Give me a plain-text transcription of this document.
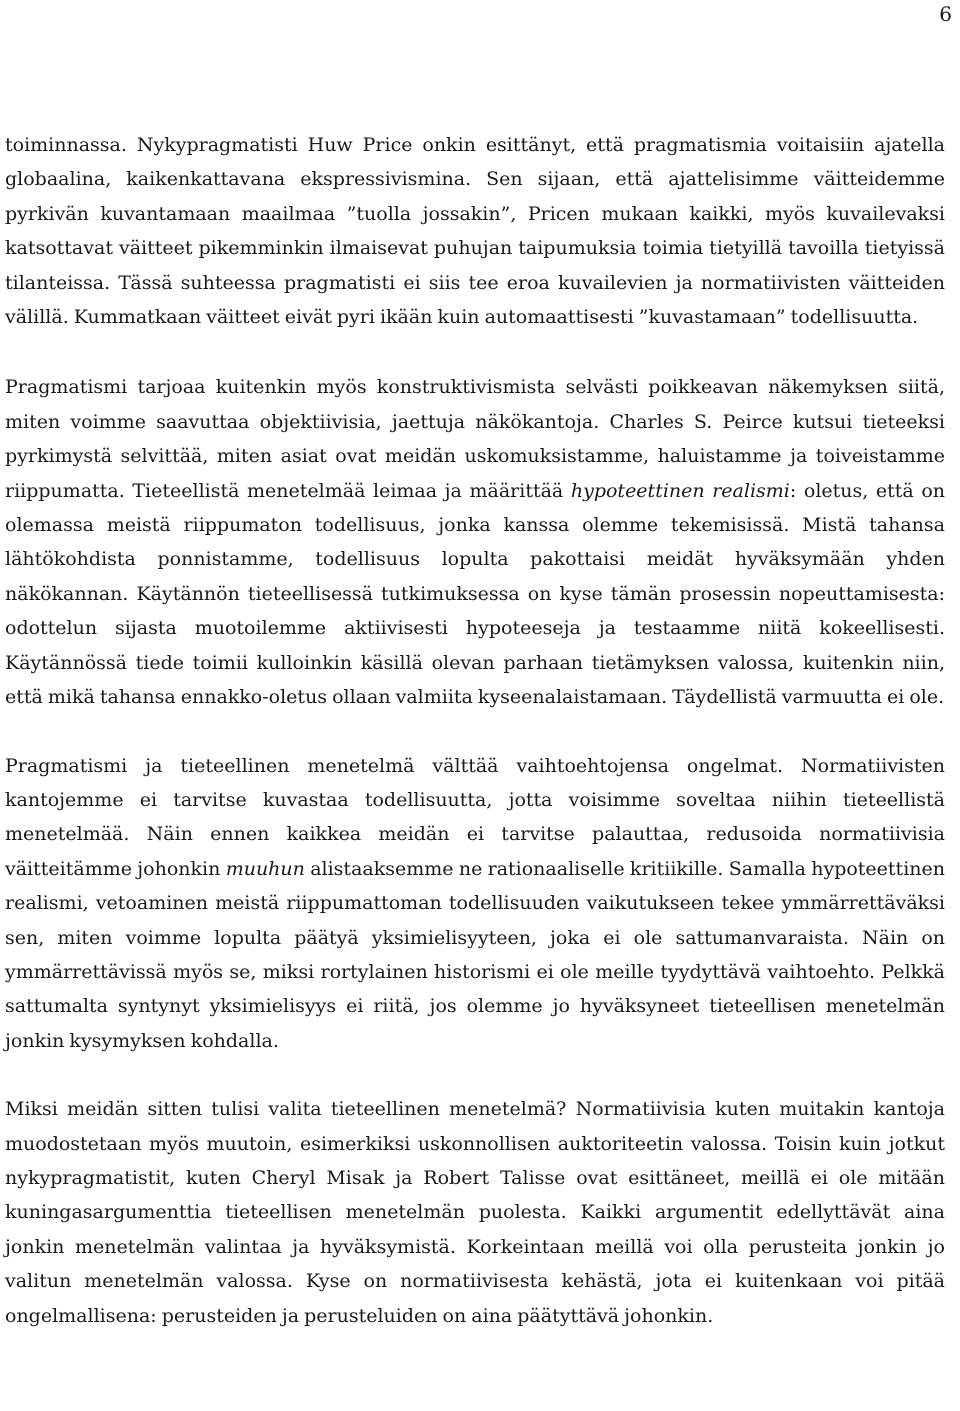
6

toiminnassa. Nykypragmatisti Huw Price onkin esittänyt, että pragmatismia voitaisiin ajatella globaalina, kaikenkattavana ekspressivismina. Sen sijaan, että ajattelisimme väitteidemme pyrkivän kuvantamaan maailmaa ”tuolla jossakin”, Pricen mukaan kaikki, myös kuvailevaksi katsottavat väitteet pikemminkin ilmaisevat puhujan taipumuksia toimia tietyillä tavoilla tietyissä tilanteissa. Tässä suhteessa pragmatisti ei siis tee eroa kuvailevien ja normatiivisten väitteiden välillä. Kummatkaan väitteet eivät pyri ikään kuin automaattisesti ”kuvastamaan” todellisuutta.

Pragmatismi tarjoaa kuitenkin myös konstruktivismista selvästi poikkeavan näkemyksen siitä, miten voimme saavuttaa objektiivisia, jaettuja näkökantoja. Charles S. Peirce kutsui tieteeksi pyrkimystä selvittää, miten asiat ovat meidän uskomuksistamme, haluistamme ja toiveistamme riippumatta. Tieteellistä menetelmää leimaa ja määrittää hypoteettinen realismi: oletus, että on olemassa meistä riippumaton todellisuus, jonka kanssa olemme tekemisissä. Mistä tahansa lähtökohdista ponnistamme, todellisuus lopulta pakottaisi meidät hyväksymään yhden näkökannan. Käytännön tieteellisessä tutkimuksessa on kyse tämän prosessin nopeuttamisesta: odottelun sijasta muotoilemme aktiivisesti hypoteeseja ja testaamme niitä kokeellisesti. Käytännössä tiede toimii kulloinkin käsillä olevan parhaan tietämyksen valossa, kuitenkin niin, että mikä tahansa ennakko-oletus ollaan valmiita kyseenalaistamaan. Täydellistä varmuutta ei ole.

Pragmatismi ja tieteellinen menetelmä välttää vaihtoehtojensa ongelmat. Normatiivisten kantojemme ei tarvitse kuvastaa todellisuutta, jotta voisimme soveltaa niihin tieteellistä menetelmää. Näin ennen kaikkea meidän ei tarvitse palauttaa, redusoida normatiivisia väitteitämme johonkin muuhun alistaaksemme ne rationaaliselle kritiikille. Samalla hypoteettinen realismi, vetoaminen meistä riippumattoman todellisuuden vaikutukseen tekee ymmärrettäväksi sen, miten voimme lopulta päätyä yksimielisyyteen, joka ei ole sattumanvaraista. Näin on ymmärrettävissä myös se, miksi rortylainen historismi ei ole meille tyydyttävä vaihtoehto. Pelkkä sattumalta syntynyt yksimielisyys ei riitä, jos olemme jo hyväksyneet tieteellisen menetelmän jonkin kysymyksen kohdalla.

Miksi meidän sitten tulisi valita tieteellinen menetelmä? Normatiivisia kuten muitakin kantoja muodostetaan myös muutoin, esimerkiksi uskonnollisen auktoriteetin valossa. Toisin kuin jotkut nykypragmatistit, kuten Cheryl Misak ja Robert Talisse ovat esittäneet, meillä ei ole mitään kuningasargumenttia tieteellisen menetelmän puolesta. Kaikki argumentit edellyttävät aina jonkin menetelmän valintaa ja hyväksymistä. Korkeintaan meillä voi olla perusteita jonkin jo valitun menetelmän valossa. Kyse on normatiivisesta kehästä, jota ei kuitenkaan voi pitää ongelmallisena: perusteiden ja perusteluiden on aina päätyttävä johonkin.
